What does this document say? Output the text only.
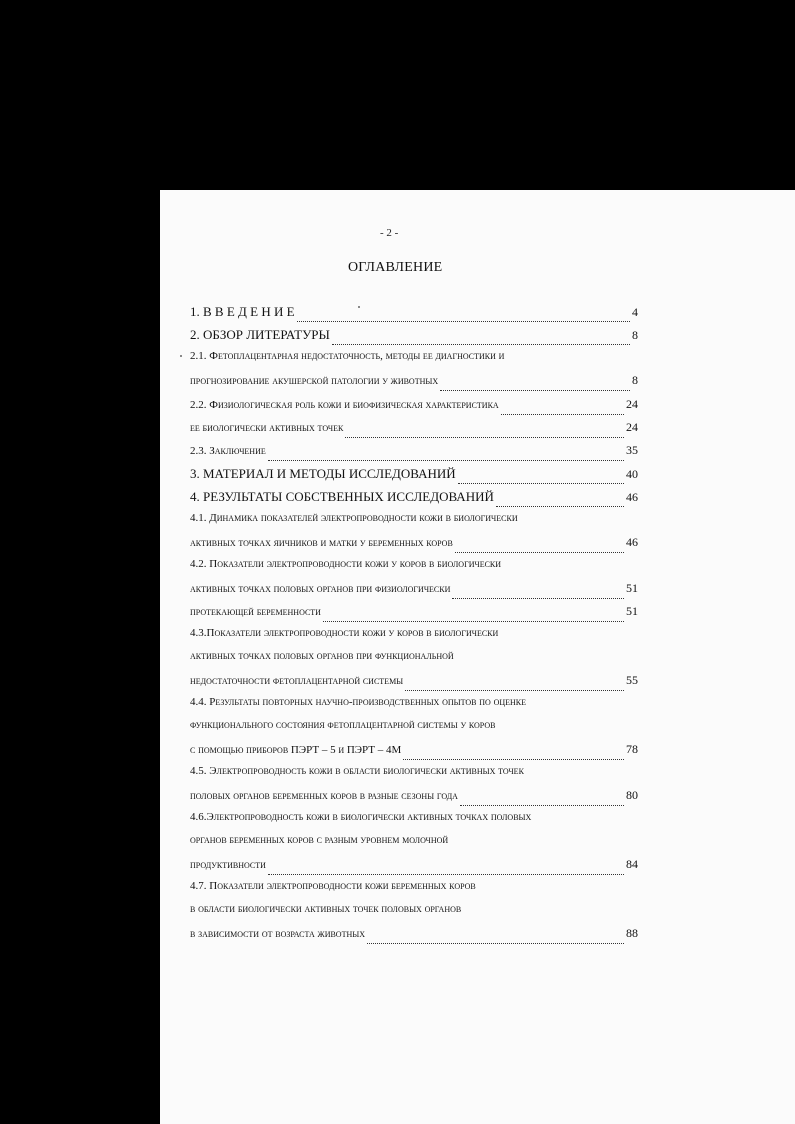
- 2 -
ОГЛАВЛЕНИЕ
1. В В Е Д Е Н И Е	4
2. ОБЗОР ЛИТЕРАТУРЫ	8
2.1. Фетоплацентарная недостаточность, методы ее диагностики и
прогнозирование акушерской патологии у животных	8
2.2. Физиологическая роль кожи и биофизическая характеристика	24
ее биологически активных точек	24
2.3. Заключение	35
3. МАТЕРИАЛ И МЕТОДЫ ИССЛЕДОВАНИЙ	40
4. РЕЗУЛЬТАТЫ СОБСТВЕННЫХ ИССЛЕДОВАНИЙ	46
4.1. Динамика показателей электропроводности кожи в биологически
активных точках яичников и матки у беременных коров	46
4.2. Показатели электропроводности кожи у коров в биологически
активных точках половых органов при физиологически	51
протекающей беременности	51
4.3.Показатели электропроводности кожи у коров в биологически
активных точках половых органов при функциональной
недостаточности фетоплацентарной системы	55
4.4. Результаты повторных научно-производственных опытов по оценке
функционального состояния фетоплацентарной системы у коров
с помощью приборов ПЭРТ – 5 и ПЭРТ – 4М	78
4.5. Электропроводность кожи в области биологически активных точек
половых органов беременных коров в разные сезоны года	80
4.6.Электропроводность кожи в биологически активных точках половых
органов беременных коров с разным уровнем молочной
продуктивности	84
4.7. Показатели электропроводности кожи беременных коров
в области биологически активных точек половых органов
в зависимости от возраста животных	88
